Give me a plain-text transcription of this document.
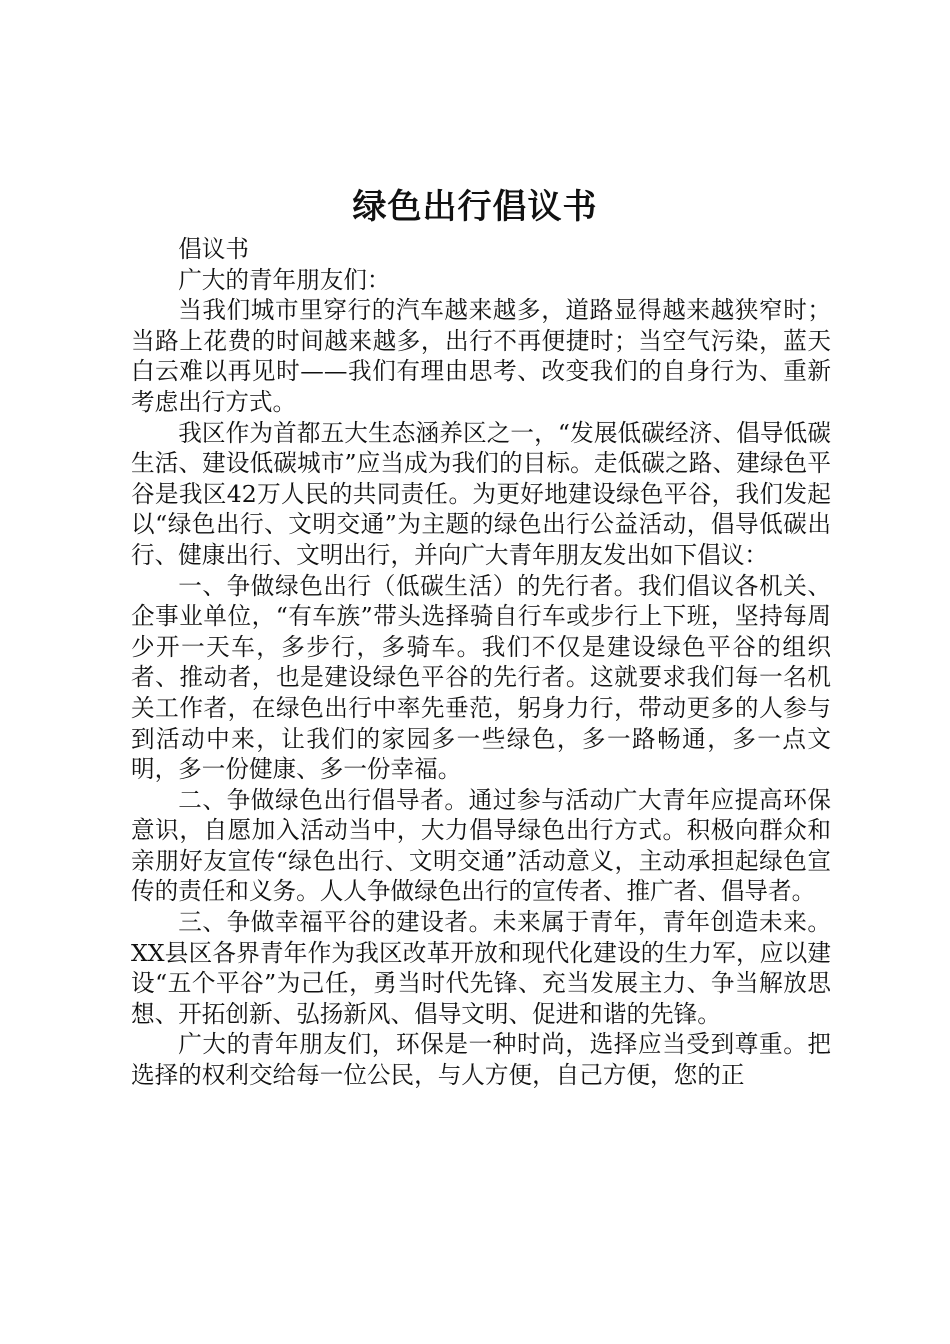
绿色出行倡议书

倡议书

广大的青年朋友们：

当我们城市里穿行的汽车越来越多，道路显得越来越狭窄时；当路上花费的时间越来越多，出行不再便捷时；当空气污染，蓝天白云难以再见时——我们有理由思考、改变我们的自身行为、重新考虑出行方式。

我区作为首都五大生态涵养区之一，“发展低碳经济、倡导低碳生活、建设低碳城市”应当成为我们的目标。走低碳之路、建绿色平谷是我区42万人民的共同责任。为更好地建设绿色平谷，我们发起以“绿色出行、文明交通”为主题的绿色出行公益活动，倡导低碳出行、健康出行、文明出行，并向广大青年朋友发出如下倡议：

一、争做绿色出行（低碳生活）的先行者。我们倡议各机关、企事业单位，“有车族”带头选择骑自行车或步行上下班，坚持每周少开一天车，多步行，多骑车。我们不仅是建设绿色平谷的组织者、推动者，也是建设绿色平谷的先行者。这就要求我们每一名机关工作者，在绿色出行中率先垂范，躬身力行，带动更多的人参与到活动中来，让我们的家园多一些绿色，多一路畅通，多一点文明，多一份健康、多一份幸福。

二、争做绿色出行倡导者。通过参与活动广大青年应提高环保意识，自愿加入活动当中，大力倡导绿色出行方式。积极向群众和亲朋好友宣传“绿色出行、文明交通”活动意义，主动承担起绿色宣传的责任和义务。人人争做绿色出行的宣传者、推广者、倡导者。

三、争做幸福平谷的建设者。未来属于青年，青年创造未来。XX县区各界青年作为我区改革开放和现代化建设的生力军，应以建设“五个平谷”为己任，勇当时代先锋、充当发展主力、争当解放思想、开拓创新、弘扬新风、倡导文明、促进和谐的先锋。

广大的青年朋友们，环保是一种时尚，选择应当受到尊重。把选择的权利交给每一位公民，与人方便，自己方便，您的正
